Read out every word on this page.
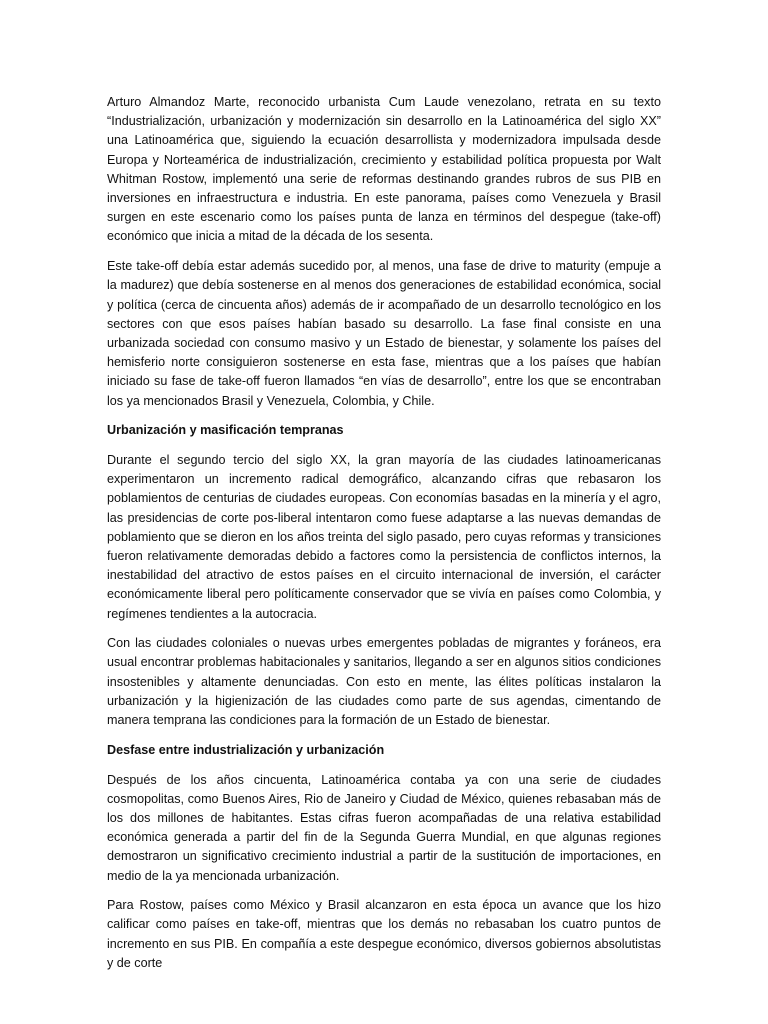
Arturo Almandoz Marte, reconocido urbanista Cum Laude venezolano, retrata en su texto “Industrialización, urbanización y modernización sin desarrollo en la Latinoamérica del siglo XX” una Latinoamérica que, siguiendo la ecuación desarrollista y modernizadora impulsada desde Europa y Norteamérica de industrialización, crecimiento y estabilidad política propuesta por Walt Whitman Rostow, implementó una serie de reformas destinando grandes rubros de sus PIB en inversiones en infraestructura e industria. En este panorama, países como Venezuela y Brasil surgen en este escenario como los países punta de lanza en términos del despegue (take-off) económico que inicia a mitad de la década de los sesenta.

Este take-off debía estar además sucedido por, al menos, una fase de drive to maturity (empuje a la madurez) que debía sostenerse en al menos dos generaciones de estabilidad económica, social y política (cerca de cincuenta años) además de ir acompañado de un desarrollo tecnológico en los sectores con que esos países habían basado su desarrollo. La fase final consiste en una urbanizada sociedad con consumo masivo y un Estado de bienestar, y solamente los países del hemisferio norte consiguieron sostenerse en esta fase, mientras que a los países que habían iniciado su fase de take-off fueron llamados “en vías de desarrollo”, entre los que se encontraban los ya mencionados Brasil y Venezuela, Colombia, y Chile.

Urbanización y masificación tempranas

Durante el segundo tercio del siglo XX, la gran mayoría de las ciudades latinoamericanas experimentaron un incremento radical demográfico, alcanzando cifras que rebasaron los poblamientos de centurias de ciudades europeas. Con economías basadas en la minería y el agro, las presidencias de corte pos-liberal intentaron como fuese adaptarse a las nuevas demandas de poblamiento que se dieron en los años treinta del siglo pasado, pero cuyas reformas y transiciones fueron relativamente demoradas debido a factores como la persistencia de conflictos internos, la inestabilidad del atractivo de estos países en el circuito internacional de inversión, el carácter económicamente liberal pero políticamente conservador que se vivía en países como Colombia, y regímenes tendientes a la autocracia.

Con las ciudades coloniales o nuevas urbes emergentes pobladas de migrantes y foráneos, era usual encontrar problemas habitacionales y sanitarios, llegando a ser en algunos sitios condiciones insostenibles y altamente denunciadas. Con esto en mente, las élites políticas instalaron la urbanización y la higienización de las ciudades como parte de sus agendas, cimentando de manera temprana las condiciones para la formación de un Estado de bienestar.

Desfase entre industrialización y urbanización

Después de los años cincuenta, Latinoamérica contaba ya con una serie de ciudades cosmopolitas, como Buenos Aires, Rio de Janeiro y Ciudad de México, quienes rebasaban más de los dos millones de habitantes. Estas cifras fueron acompañadas de una relativa estabilidad económica generada a partir del fin de la Segunda Guerra Mundial, en que algunas regiones demostraron un significativo crecimiento industrial a partir de la sustitución de importaciones, en medio de la ya mencionada urbanización.

Para Rostow, países como México y Brasil alcanzaron en esta época un avance que los hizo calificar como países en take-off, mientras que los demás no rebasaban los cuatro puntos de incremento en sus PIB. En compañía a este despegue económico, diversos gobiernos absolutistas y de corte
